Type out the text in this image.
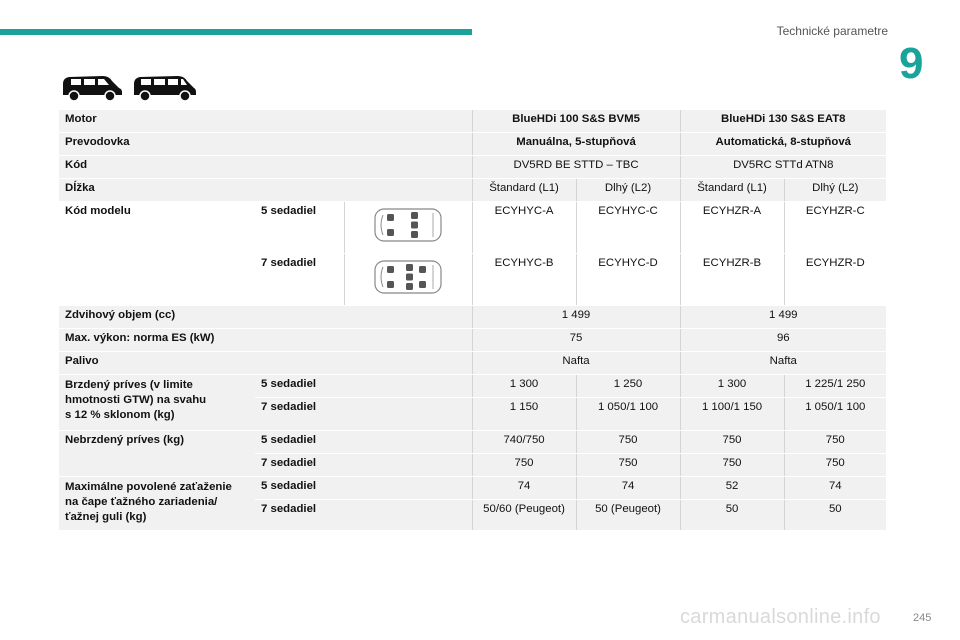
Technické parametre
9
Motor			BlueHDi 100 S&S BVM5		BlueHDi 130 S&S EAT8	
Prevodovka			Manuálna, 5-stupňová		Automatická, 8-stupňová	
Kód			DV5RD BE STTD – TBC		DV5RC STTd ATN8	
Dĺžka			Štandard (L1)	Dlhý (L2)	Štandard (L1)	Dlhý (L2)
Kód modelu	5 sedadiel		ECYHYC-A	ECYHYC-C	ECYHZR-A	ECYHZR-C
	7 sedadiel		ECYHYC-B	ECYHYC-D	ECYHZR-B	ECYHZR-D
Zdvihový objem (cc)			1 499		1 499	
Max. výkon: norma ES (kW)			75		96	
Palivo			Nafta		Nafta	

Brzdený príves (v limite
hmotnosti GTW) na svahu
s 12 % sklonom (kg)	5 sedadiel		1 300	1 250	1 300	1 225/1 250
	7 sedadiel		1 150	1 050/1 100	1 100/1 150	1 050/1 100
Nebrzdený príves (kg)	5 sedadiel		740/750	750	750	750
	7 sedadiel		750	750	750	750

Maximálne povolené zaťaženie
na čape ťažného zariadenia/
ťažnej guli (kg)	5 sedadiel		74	74	52	74
	7 sedadiel		50/60 (Peugeot)	50 (Peugeot)	50	50
carmanualsonline.info	245
